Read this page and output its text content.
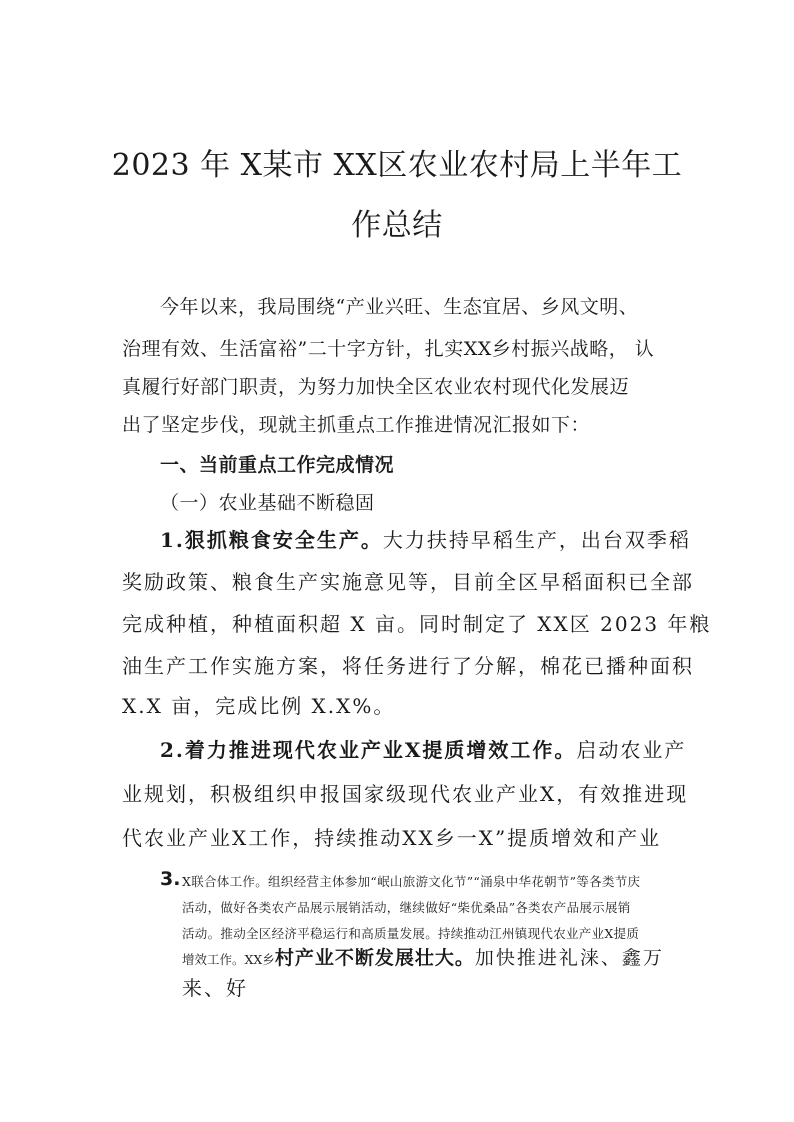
2023 年 X某市 XX区农业农村局上半年工
作总结
今年以来，我局围绕“产业兴旺、生态宜居、乡风文明、
治理有效、生活富裕”二十字方针，扎实XX乡村振兴战略， 认
真履行好部门职责，为努力加快全区农业农村现代化发展迈
出了坚定步伐，现就主抓重点工作推进情况汇报如下：
一、当前重点工作完成情况
（一）农业基础不断稳固
1.狠抓粮食安全生产。大力扶持早稻生产，出台双季稻
奖励政策、粮食生产实施意见等，目前全区早稻面积已全部
完成种植，种植面积超 X 亩。同时制定了 XX区 2023 年粮
油生产工作实施方案，将任务进行了分解，棉花已播种面积
X.X 亩，完成比例 X.X%。
2.着力推进现代农业产业X提质增效工作。启动农业产
业规划，积极组织申报国家级现代农业产业X，有效推进现
代农业产业X工作，持续推动XX乡一X”提质增效和产业
3. X联合体工作。组织经营主体参加“岷山旅游文化节”“涌泉中华花朝节”等各类节庆
活动，做好各类农产品展示展销活动，继续做好“柴优桑品”各类农产品展示展销
活动。推动全区经济平稳运行和高质量发展。持续推动江州镇现代农业产业X提质
增效工作。XX乡村产业不断发展壮大。加快推进礼涞、鑫万
来、好
